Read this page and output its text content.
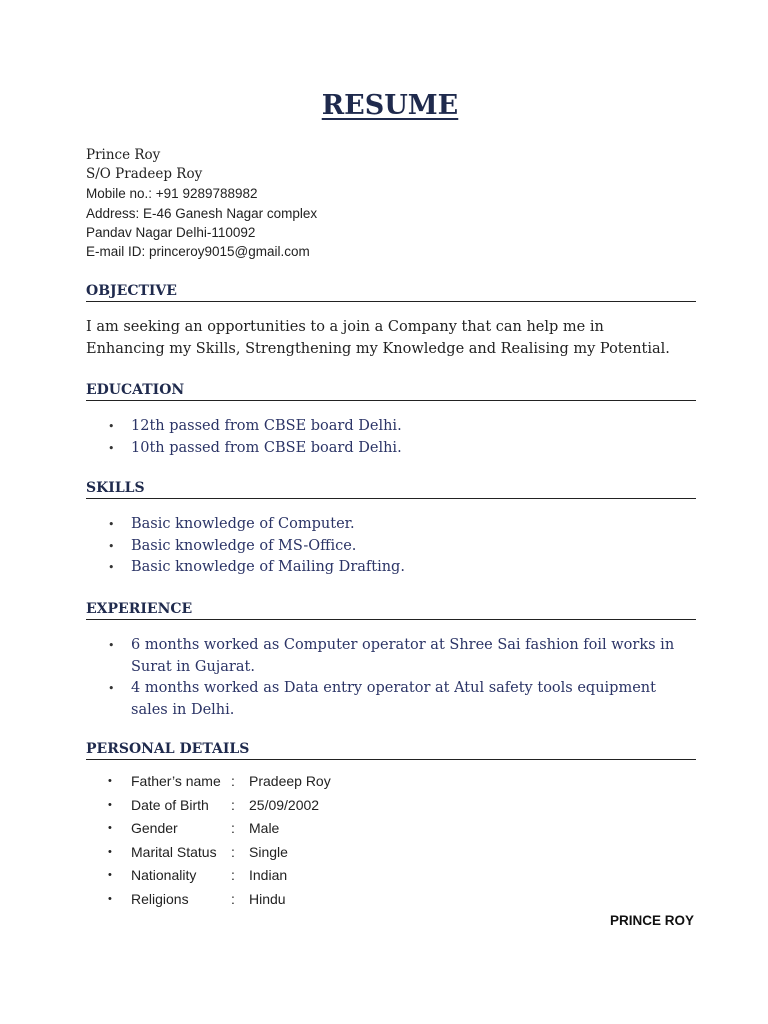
RESUME
Prince Roy
S/O Pradeep Roy
Mobile no.: +91 9289788982
Address: E-46 Ganesh Nagar complex
Pandav Nagar Delhi-110092
E-mail ID: princeroy9015@gmail.com
OBJECTIVE
I am seeking an opportunities to a join a Company that can help me in Enhancing my Skills, Strengthening my Knowledge and Realising my Potential.
EDUCATION
• 12th passed from CBSE board Delhi.
• 10th passed from CBSE board Delhi.
SKILLS
• Basic knowledge of Computer.
• Basic knowledge of MS-Office.
• Basic knowledge of Mailing Drafting.
EXPERIENCE
• 6 months worked as Computer operator at Shree Sai fashion foil works in Surat in Gujarat.
• 4 months worked as Data entry operator at Atul safety tools equipment sales in Delhi.
PERSONAL DETAILS
• Father’s name : Pradeep Roy
• Date of Birth : 25/09/2002
• Gender	: Male
• Marital Status : Single
• Nationality : Indian
• Religions	: Hindu
PRINCE ROY
